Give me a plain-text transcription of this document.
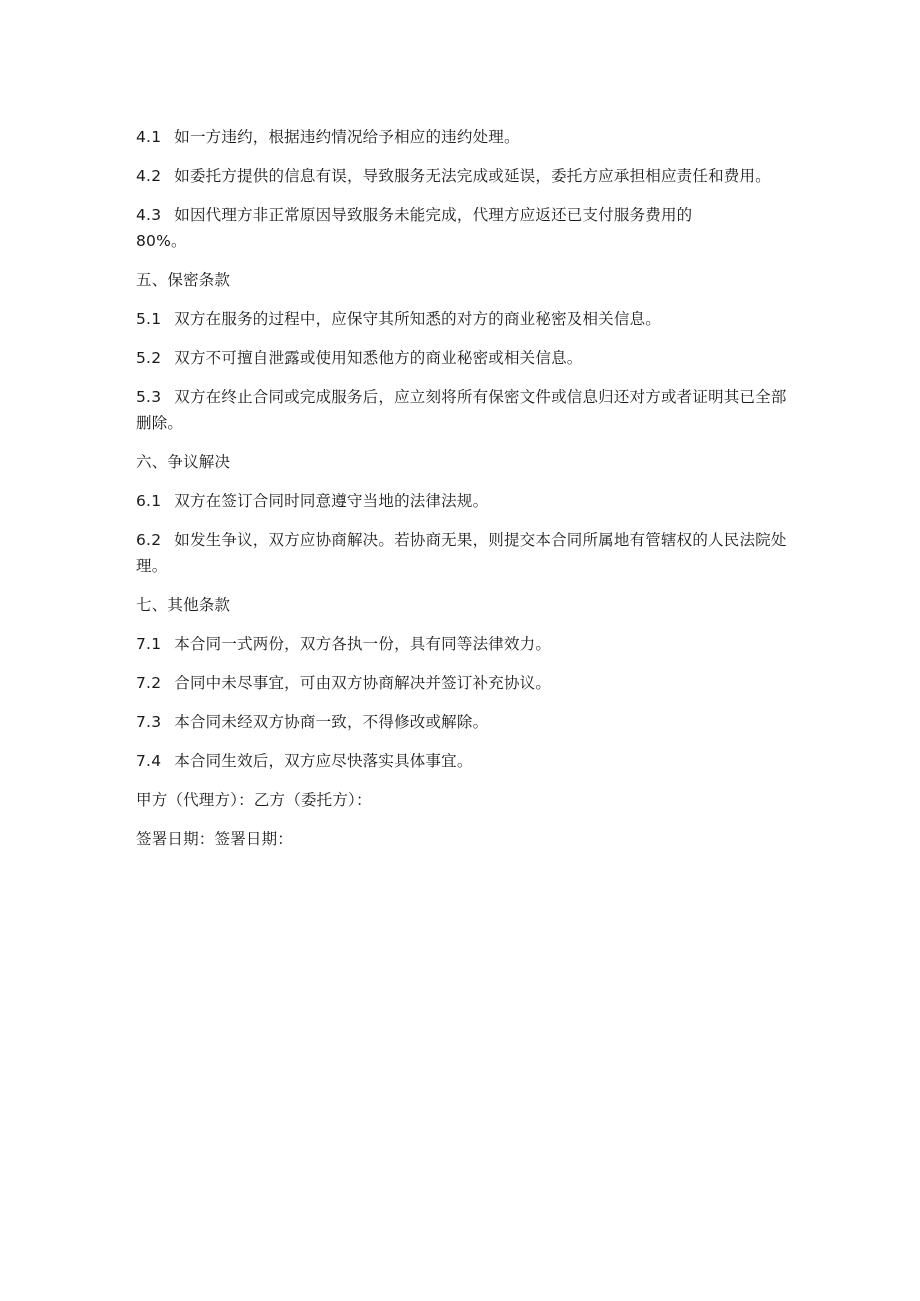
4.1 如一方违约，根据违约情况给予相应的违约处理。

4.2 如委托方提供的信息有误，导致服务无法完成或延误，委托方应承担相应责任和费用。

4.3 如因代理方非正常原因导致服务未能完成，代理方应返还已支付服务费用的
80%。

五、保密条款

5.1 双方在服务的过程中，应保守其所知悉的对方的商业秘密及相关信息。

5.2 双方不可擅自泄露或使用知悉他方的商业秘密或相关信息。

5.3 双方在终止合同或完成服务后，应立刻将所有保密文件或信息归还对方或者证明其已全部删除。

六、争议解决

6.1 双方在签订合同时同意遵守当地的法律法规。

6.2 如发生争议，双方应协商解决。若协商无果，则提交本合同所属地有管辖权的人民法院处理。

七、其他条款

7.1 本合同一式两份，双方各执一份，具有同等法律效力。

7.2 合同中未尽事宜，可由双方协商解决并签订补充协议。

7.3 本合同未经双方协商一致，不得修改或解除。

7.4 本合同生效后，双方应尽快落实具体事宜。

甲方（代理方）：乙方（委托方）：

签署日期：签署日期：
